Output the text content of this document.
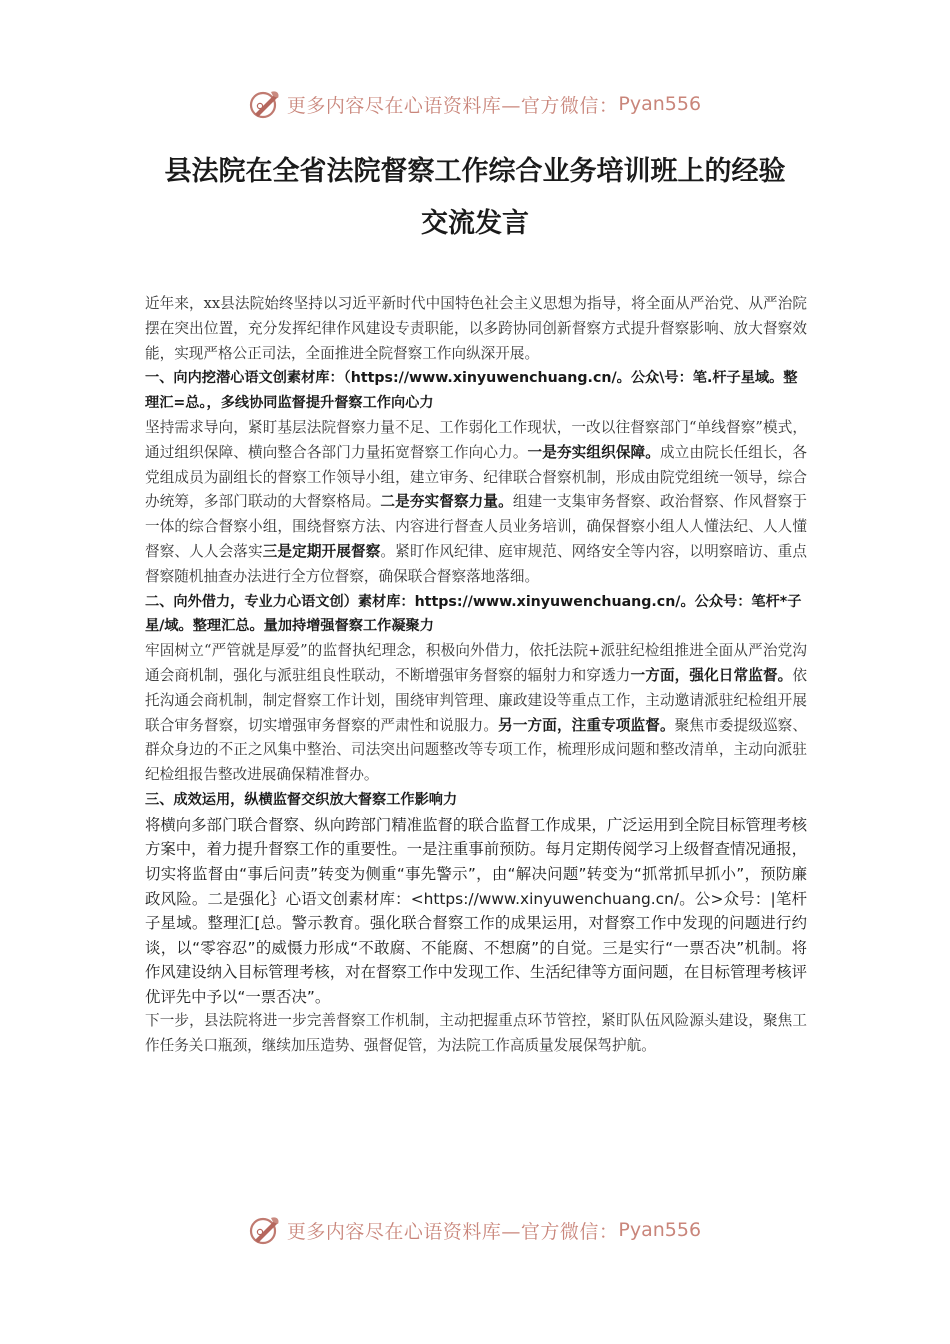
更多内容尽在心语资料库—官方微信： Pyan556
县法院在全省法院督察工作综合业务培训班上的经验
交流发言

近年来，xx县法院始终坚持以习近平新时代中国特色社会主义思想为指导，将全面从严治党、从严治院摆在突出位置，充分发挥纪律作风建设专责职能，以多跨协同创新督察方式提升督察影响、放大督察效能，实现严格公正司法，全面推进全院督察工作向纵深开展。

一、向内挖潜心语文创素材库：（https://www.xinyuwenchuang.cn/。公众\号：笔.杆子星域。整理汇=总。，多线协同监督提升督察工作向心力

坚持需求导向，紧盯基层法院督察力量不足、工作弱化工作现状，一改以往督察部门“单线督察”模式，通过组织保障、横向整合各部门力量拓宽督察工作向心力。一是夯实组织保障。成立由院长任组长，各党组成员为副组长的督察工作领导小组，建立审务、纪律联合督察机制，形成由院党组统一领导，综合办统筹，多部门联动的大督察格局。二是夯实督察力量。组建一支集审务督察、政治督察、作风督察于一体的综合督察小组，围绕督察方法、内容进行督查人员业务培训，确保督察小组人人懂法纪、人人懂督察、人人会落实三是定期开展督察。紧盯作风纪律、庭审规范、网络安全等内容，以明察暗访、重点督察随机抽查办法进行全方位督察，确保联合督察落地落细。

二、向外借力，专业力心语文创）素材库：https://www.xinyuwenchuang.cn/。公众号：笔杆*子星/域。整理汇总。量加持增强督察工作凝聚力

牢固树立“严管就是厚爱”的监督执纪理念，积极向外借力，依托法院+派驻纪检组推进全面从严治党沟通会商机制，强化与派驻组良性联动，不断增强审务督察的辐射力和穿透力一方面，强化日常监督。依托沟通会商机制，制定督察工作计划，围绕审判管理、廉政建设等重点工作，主动邀请派驻纪检组开展联合审务督察，切实增强审务督察的严肃性和说服力。另一方面，注重专项监督。聚焦市委提级巡察、群众身边的不正之风集中整治、司法突出问题整改等专项工作，梳理形成问题和整改清单，主动向派驻纪检组报告整改进展确保精准督办。

三、成效运用，纵横监督交织放大督察工作影响力

将横向多部门联合督察、纵向跨部门精准监督的联合监督工作成果，广泛运用到全院目标管理考核方案中，着力提升督察工作的重要性。一是注重事前预防。每月定期传阅学习上级督查情况通报，切实将监督由“事后问责”转变为侧重“事先警示”，由“解决问题”转变为“抓常抓早抓小”，预防廉政风险。二是强化｝心语文创素材库：<https://www.xinyuwenchuang.cn/。公>众号：|笔杆子星域。整理汇[总。警示教育。强化联合督察工作的成果运用，对督察工作中发现的问题进行约谈，以“零容忍”的威慑力形成“不敢腐、不能腐、不想腐”的自觉。三是实行“一票否决”机制。将作风建设纳入目标管理考核，对在督察工作中发现工作、生活纪律等方面问题，在目标管理考核评优评先中予以“一票否决”。

下一步，县法院将进一步完善督察工作机制，主动把握重点环节管控，紧盯队伍风险源头建设，聚焦工作任务关口瓶颈，继续加压造势、强督促管，为法院工作高质量发展保驾护航。

更多内容尽在心语资料库—官方微信： Pyan556
